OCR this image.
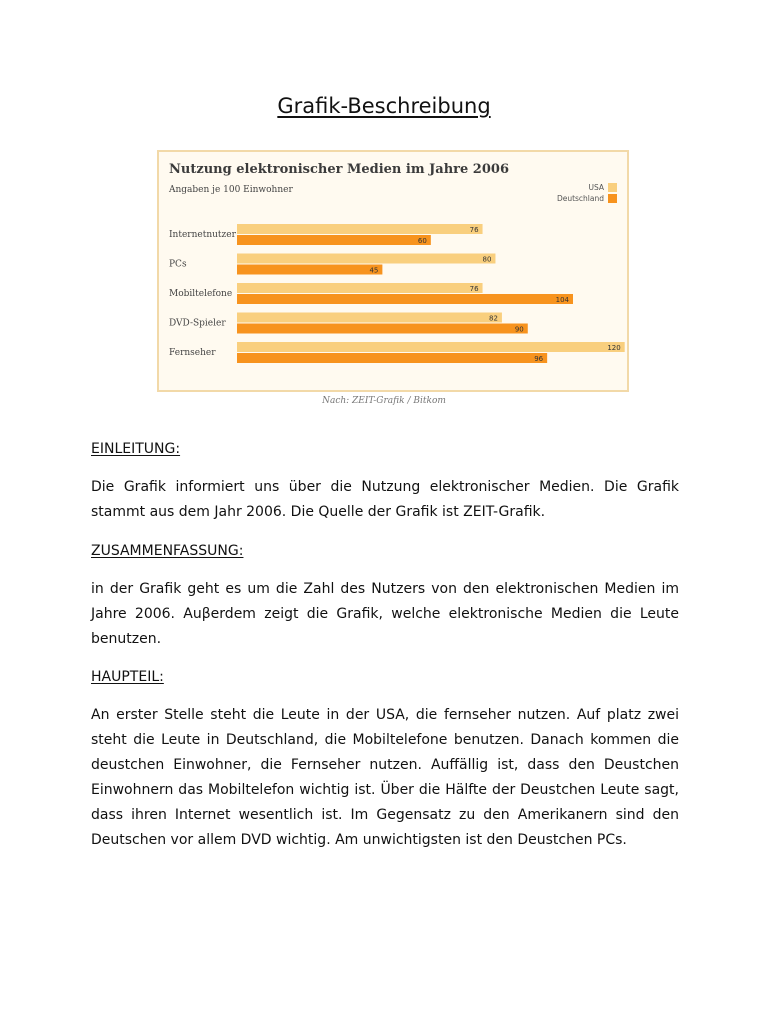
Grafik-Beschreibung
Nutzung elektronischer Medien im Jahre 2006
Angaben je 100 Einwohner	USA
Deutschland
Internetnutzer	76
60
PCs	80
45
Mobiltelefone	76
104
DVD-Spieler	82
90
Fernseher	120
96
Nach: ZEIT-Grafik / Bitkom
EINLEITUNG:
Die Grafik informiert uns über die Nutzung elektronischer Medien. Die Grafik stammt aus dem Jahr 2006. Die Quelle der Grafik ist ZEIT-Grafik.
ZUSAMMENFASSUNG:
in der Grafik geht es um die Zahl des Nutzers von den elektronischen Medien im Jahre 2006. Auβerdem zeigt die Grafik, welche elektronische Medien die Leute benutzen.
HAUPTEIL:
An erster Stelle steht die Leute in der USA, die fernseher nutzen. Auf platz zwei steht die Leute in Deutschland, die Mobiltelefone benutzen. Danach kommen die deustchen Einwohner, die Fernseher nutzen. Auffällig ist, dass den Deustchen Einwohnern das Mobiltelefon wichtig ist. Über die Hälfte der Deustchen Leute sagt, dass ihren Internet wesentlich ist. Im Gegensatz zu den Amerikanern sind den Deutschen vor allem DVD wichtig. Am unwichtigsten ist den Deustchen PCs.
